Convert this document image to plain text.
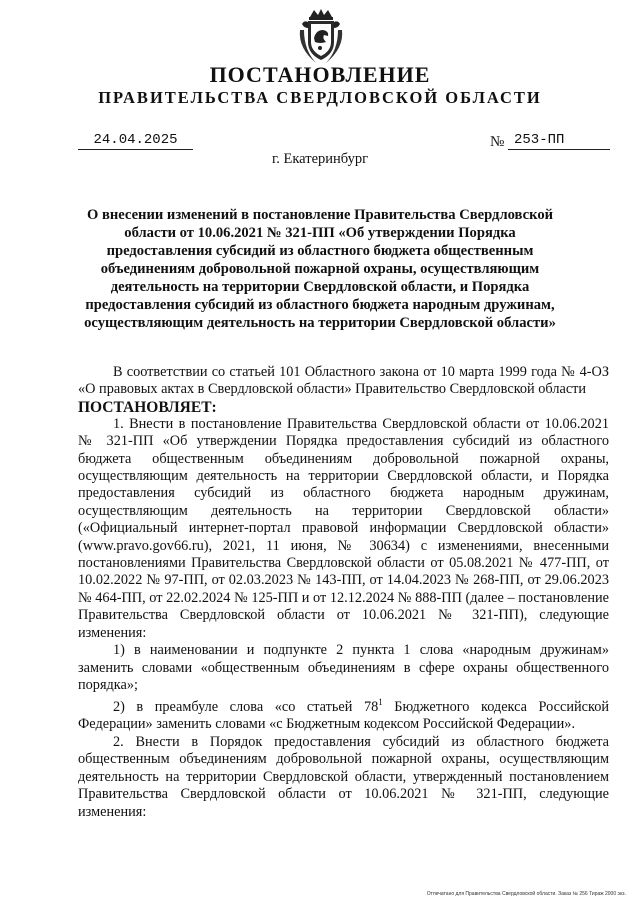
ПОСТАНОВЛЕНИЕ
ПРАВИТЕЛЬСТВА СВЕРДЛОВСКОЙ ОБЛАСТИ
24.04.2025	№ 253-ПП
г. Екатеринбург
О внесении изменений в постановление Правительства Свердловской области от 10.06.2021 № 321-ПП «Об утверждении Порядка предоставления субсидий из областного бюджета общественным объединениям добровольной пожарной охраны, осуществляющим деятельность на территории Свердловской области, и Порядка предоставления субсидий из областного бюджета народным дружинам, осуществляющим деятельность на территории Свердловской области»

В соответствии со статьей 101 Областного закона от 10 марта 1999 года № 4-ОЗ «О правовых актах в Свердловской области» Правительство Свердловской области

ПОСТАНОВЛЯЕТ:

1. Внести в постановление Правительства Свердловской области от 10.06.2021 № 321-ПП «Об утверждении Порядка предоставления субсидий из областного бюджета общественным объединениям добровольной пожарной охраны, осуществляющим деятельность на территории Свердловской области, и Порядка предоставления субсидий из областного бюджета народным дружинам, осуществляющим деятельность на территории Свердловской области» («Официальный интернет-портал правовой информации Свердловской области» (www.pravo.gov66.ru), 2021, 11 июня, № 30634) с изменениями, внесенными постановлениями Правительства Свердловской области от 05.08.2021 № 477-ПП, от 10.02.2022 № 97-ПП, от 02.03.2023 № 143-ПП, от 14.04.2023 № 268-ПП, от 29.06.2023 № 464-ПП, от 22.02.2024 № 125-ПП и от 12.12.2024 № 888-ПП (далее – постановление Правительства Свердловской области от 10.06.2021 № 321-ПП), следующие изменения:

1) в наименовании и подпункте 2 пункта 1 слова «народным дружинам» заменить словами «общественным объединениям в сфере охраны общественного порядка»;

2) в преамбуле слова «со статьей $78^1$ Бюджетного кодекса Российской Федерации» заменить словами «с Бюджетным кодексом Российской Федерации».

2. Внести в Порядок предоставления субсидий из областного бюджета общественным объединениям добровольной пожарной охраны, осуществляющим деятельность на территории Свердловской области, утвержденный постановлением Правительства Свердловской области от 10.06.2021 № 321-ПП, следующие изменения:

Отпечатано для Правительства Свердловской области. Заказ № 256 Тираж 2000 экз.
